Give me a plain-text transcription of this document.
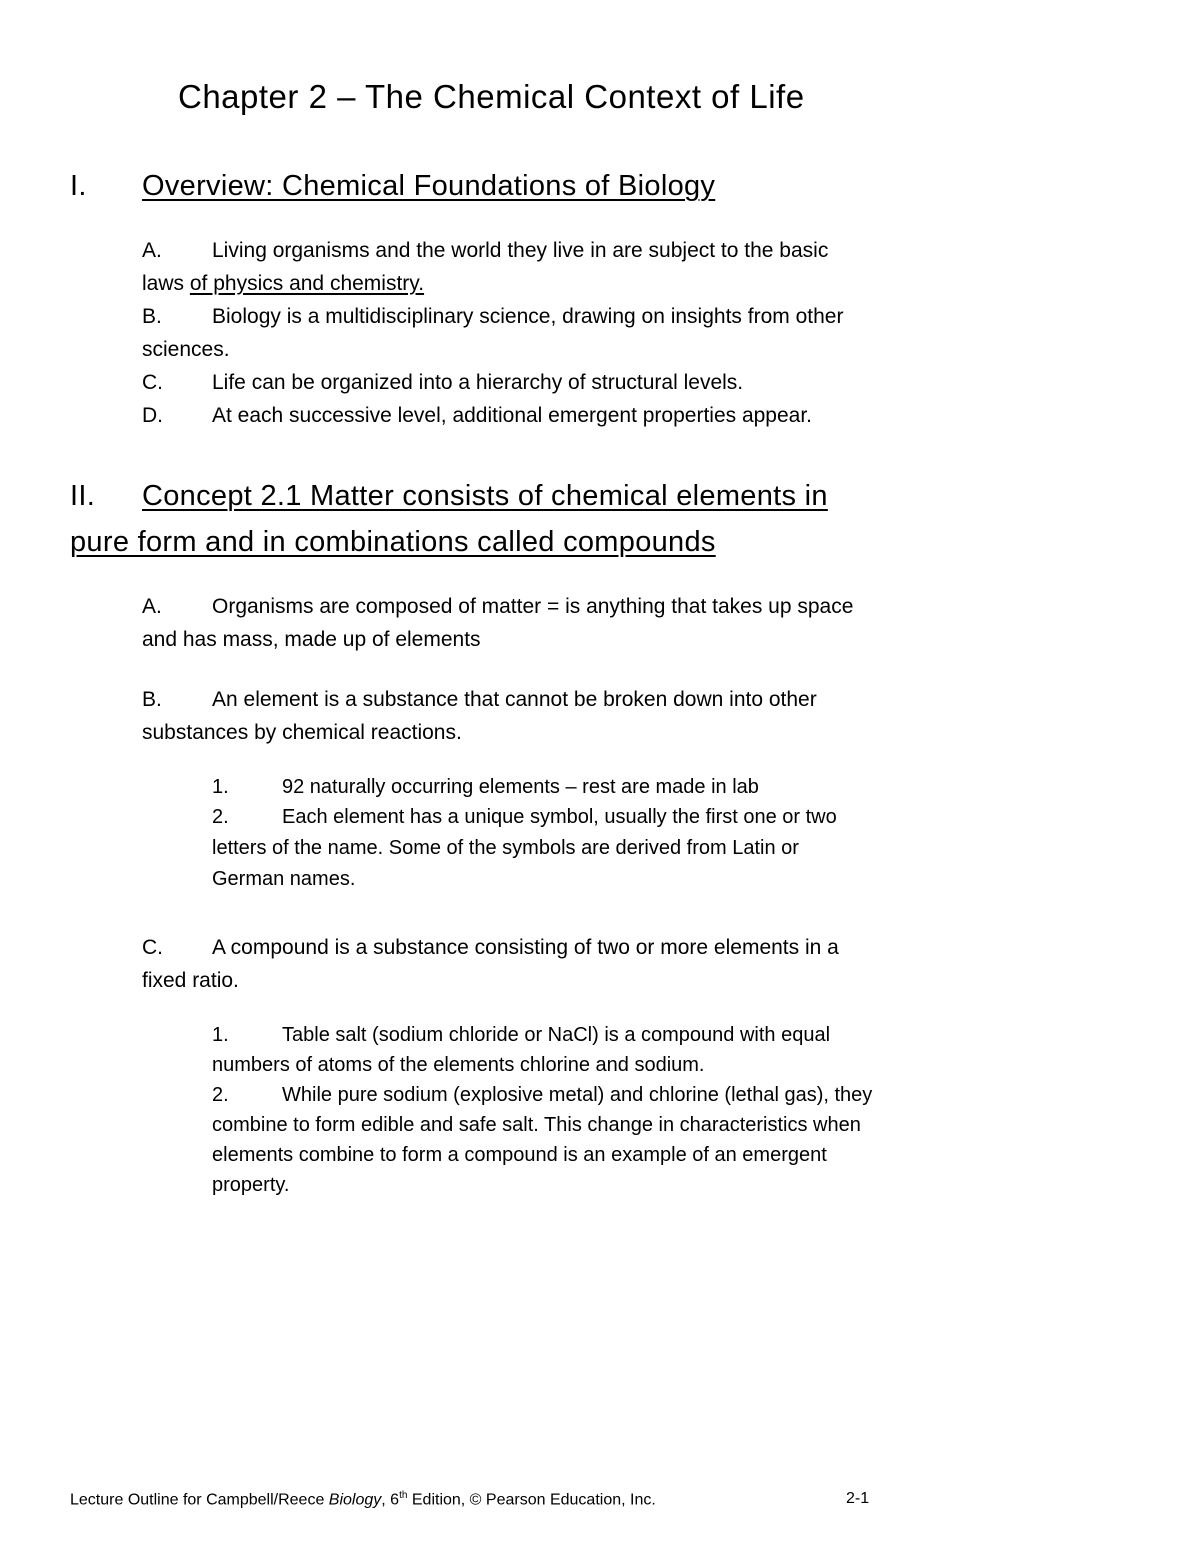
Chapter 2 – The Chemical Context of Life
I. Overview: Chemical Foundations of Biology
A. Living organisms and the world they live in are subject to the basic
laws of physics and chemistry.
B. Biology is a multidisciplinary science, drawing on insights from other
sciences.
C. Life can be organized into a hierarchy of structural levels.
D. At each successive level, additional emergent properties appear.
II. Concept 2.1 Matter consists of chemical elements in
pure form and in combinations called compounds
A. Organisms are composed of matter = is anything that takes up space
and has mass, made up of elements
B. An element is a substance that cannot be broken down into other
substances by chemical reactions.
1.	92 naturally occurring elements – rest are made in lab
2.	Each element has a unique symbol, usually the first one or two
letters of the name. Some of the symbols are derived from Latin or
German names.
C. A compound is a substance consisting of two or more elements in a
fixed ratio.
1.	Table salt (sodium chloride or NaCl) is a compound with equal
numbers of atoms of the elements chlorine and sodium.
2.	While pure sodium (explosive metal) and chlorine (lethal gas), they
combine to form edible and safe salt. This change in characteristics when
elements combine to form a compound is an example of an emergent
property.
Lecture Outline for Campbell/Reece Biology, 6th Edition, © Pearson Education, Inc.	2-1
